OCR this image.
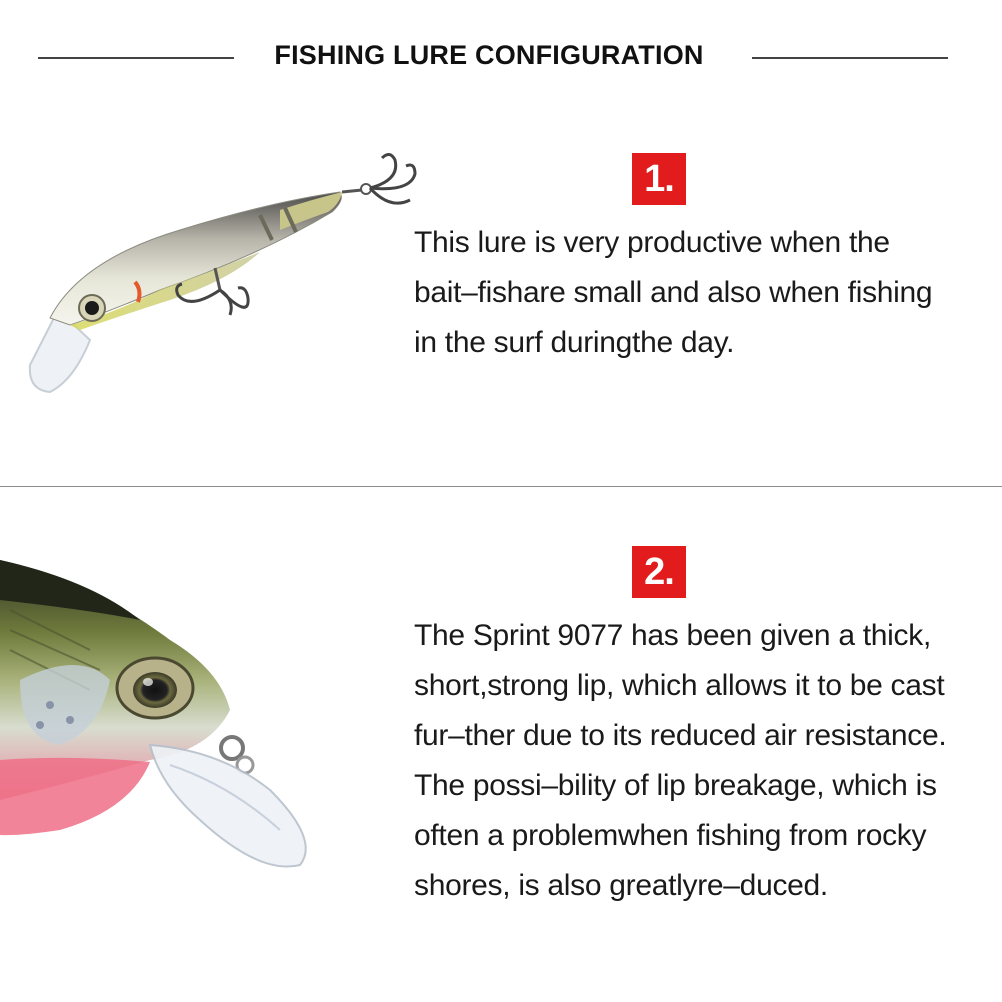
FISHING LURE CONFIGURATION
1.
This lure is very productive when the
bait–fishare small and also when fishing
in the surf duringthe day.
2.
The Sprint 9077 has been given a thick,
short,strong lip, which allows it to be cast
fur–ther due to its reduced air resistance.
The possi–bility of lip breakage, which is
often a problemwhen fishing from rocky
shores, is also greatlyre–duced.
